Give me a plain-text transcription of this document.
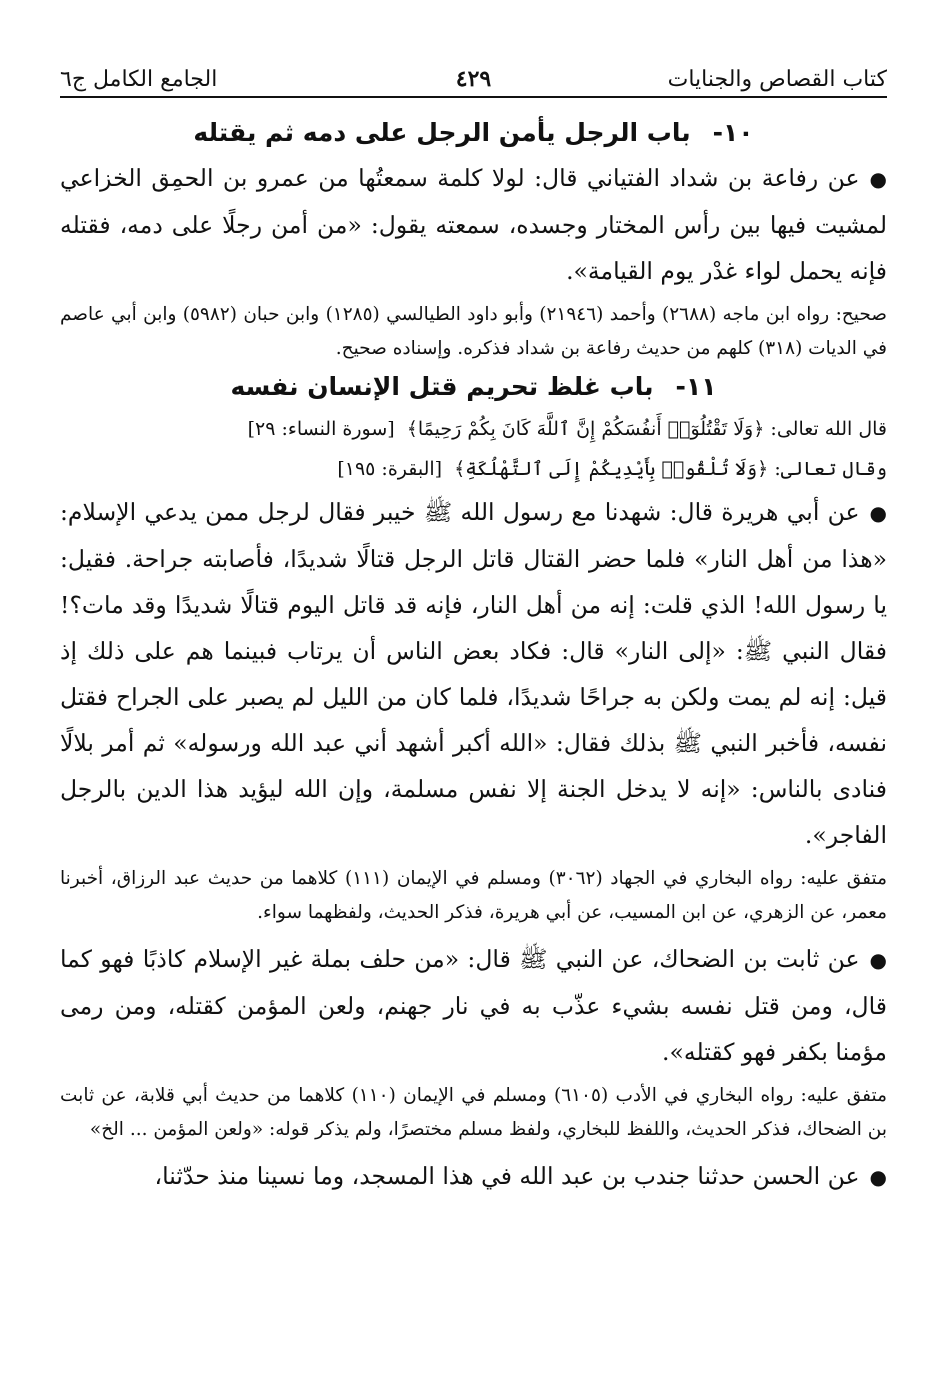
كتاب القصاص والجنايات
٤٢٩
الجامع الكامل ج٦
١٠-باب الرجل يأمن الرجل على دمه ثم يقتله

●عن رفاعة بن شداد الفتياني قال: لولا كلمة سمعتُها من عمرو بن الحمِق الخزاعي لمشيت فيها بين رأس المختار وجسده، سمعته يقول: «من أمن رجلًا على دمه، فقتله فإنه يحمل لواء غدْر يوم القيامة».

صحيح: رواه ابن ماجه (٢٦٨٨) وأحمد (٢١٩٤٦) وأبو داود الطيالسي (١٢٨٥) وابن حبان (٥٩٨٢) وابن أبي عاصم في الديات (٣١٨) كلهم من حديث رفاعة بن شداد فذكره. وإسناده صحيح.

١١-باب غلظ تحريم قتل الإنسان نفسه

قال الله تعالى: ﴿وَلَا تَقْتُلُوٓا۟ أَنفُسَكُمْ إِنَّ ٱللَّهَ كَانَ بِكُمْ رَحِيمًا﴾ [سورة النساء: ٢٩]

وقال تعالى: ﴿وَلَا تُلْقُوا۟ بِأَيْدِيكُمْ إِلَى ٱلتَّهْلُكَةِ﴾ [البقرة: ١٩٥]

●عن أبي هريرة قال: شهدنا مع رسول الله ﷺ خيبر فقال لرجل ممن يدعي الإسلام: «هذا من أهل النار» فلما حضر القتال قاتل الرجل قتالًا شديدًا، فأصابته جراحة. فقيل: يا رسول الله! الذي قلت: إنه من أهل النار، فإنه قد قاتل اليوم قتالًا شديدًا وقد مات؟! فقال النبي ﷺ: «إلى النار» قال: فكاد بعض الناس أن يرتاب فبينما هم على ذلك إذ قيل: إنه لم يمت ولكن به جراحًا شديدًا، فلما كان من الليل لم يصبر على الجراح فقتل نفسه، فأخبر النبي ﷺ بذلك فقال: «الله أكبر أشهد أني عبد الله ورسوله» ثم أمر بلالًا فنادى بالناس: «إنه لا يدخل الجنة إلا نفس مسلمة، وإن الله ليؤيد هذا الدين بالرجل الفاجر».

متفق عليه: رواه البخاري في الجهاد (٣٠٦٢) ومسلم في الإيمان (١١١) كلاهما من حديث عبد الرزاق، أخبرنا معمر، عن الزهري، عن ابن المسيب، عن أبي هريرة، فذكر الحديث، ولفظهما سواء.

●عن ثابت بن الضحاك، عن النبي ﷺ قال: «من حلف بملة غير الإسلام كاذبًا فهو كما قال، ومن قتل نفسه بشيء عذّب به في نار جهنم، ولعن المؤمن كقتله، ومن رمى مؤمنا بكفر فهو كقتله».

متفق عليه: رواه البخاري في الأدب (٦١٠٥) ومسلم في الإيمان (١١٠) كلاهما من حديث أبي قلابة، عن ثابت بن الضحاك، فذكر الحديث، واللفظ للبخاري، ولفظ مسلم مختصرًا، ولم يذكر قوله: «ولعن المؤمن ... الخ»

●عن الحسن حدثنا جندب بن عبد الله في هذا المسجد، وما نسينا منذ حدّثنا،
